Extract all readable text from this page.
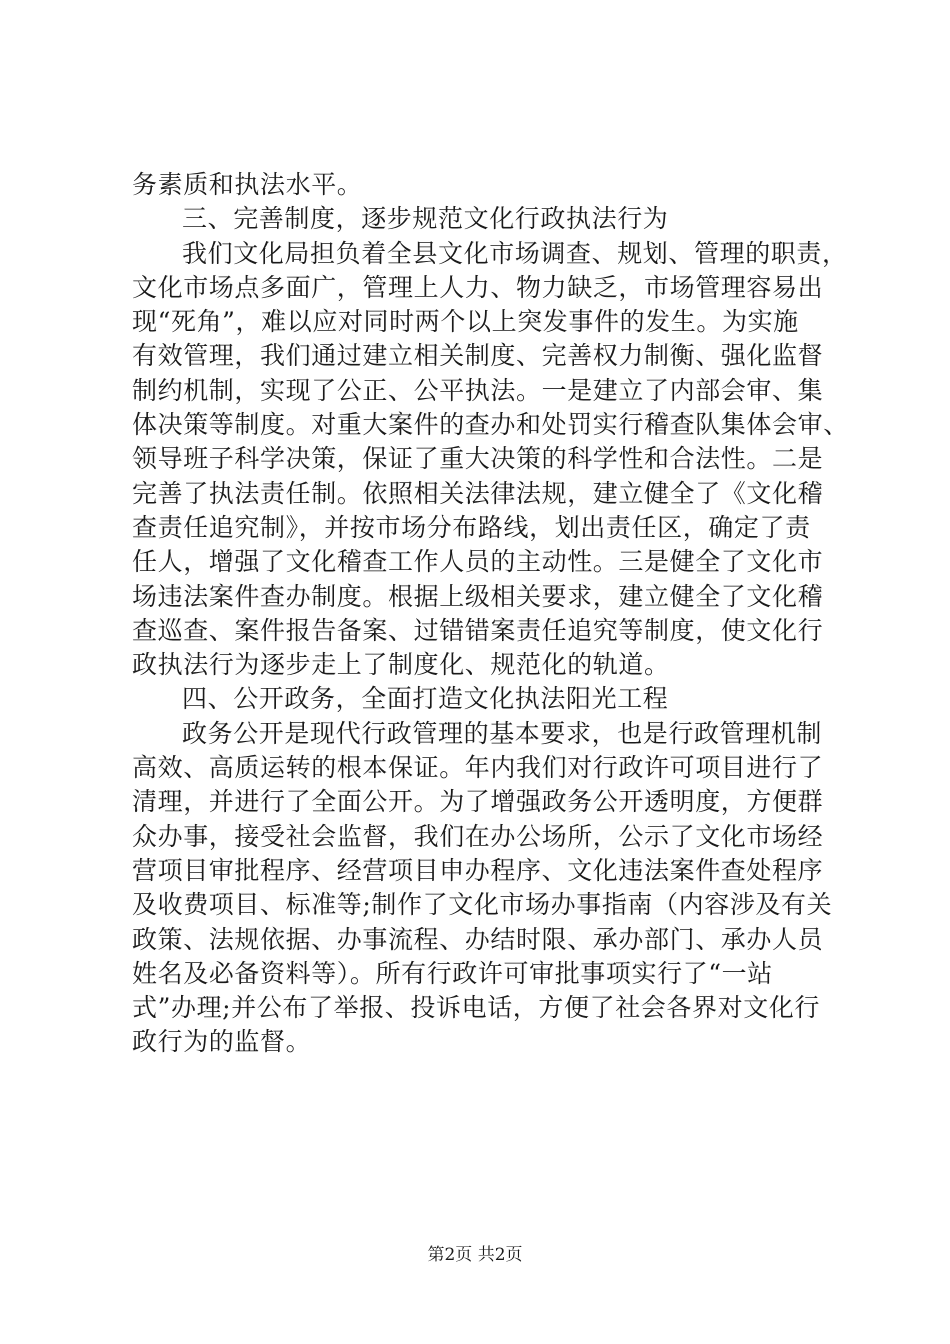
务素质和执法水平。
三、完善制度，逐步规范文化行政执法行为
我们文化局担负着全县文化市场调查、规划、管理的职责，
文化市场点多面广，管理上人力、物力缺乏，市场管理容易出
现“死角”，难以应对同时两个以上突发事件的发生。为实施
有效管理，我们通过建立相关制度、完善权力制衡、强化监督
制约机制，实现了公正、公平执法。一是建立了内部会审、集
体决策等制度。对重大案件的查办和处罚实行稽查队集体会审、
领导班子科学决策，保证了重大决策的科学性和合法性。二是
完善了执法责任制。依照相关法律法规，建立健全了《文化稽
查责任追究制》，并按市场分布路线，划出责任区，确定了责
任人，增强了文化稽查工作人员的主动性。三是健全了文化市
场违法案件查办制度。根据上级相关要求，建立健全了文化稽
查巡查、案件报告备案、过错错案责任追究等制度，使文化行
政执法行为逐步走上了制度化、规范化的轨道。
四、公开政务，全面打造文化执法阳光工程
政务公开是现代行政管理的基本要求，也是行政管理机制
高效、高质运转的根本保证。年内我们对行政许可项目进行了
清理，并进行了全面公开。为了增强政务公开透明度，方便群
众办事，接受社会监督，我们在办公场所，公示了文化市场经
营项目审批程序、经营项目申办程序、文化违法案件查处程序
及收费项目、标准等;制作了文化市场办事指南（内容涉及有关
政策、法规依据、办事流程、办结时限、承办部门、承办人员
姓名及必备资料等）。所有行政许可审批事项实行了“一站
式”办理;并公布了举报、投诉电话，方便了社会各界对文化行
政行为的监督。
第2页 共2页
